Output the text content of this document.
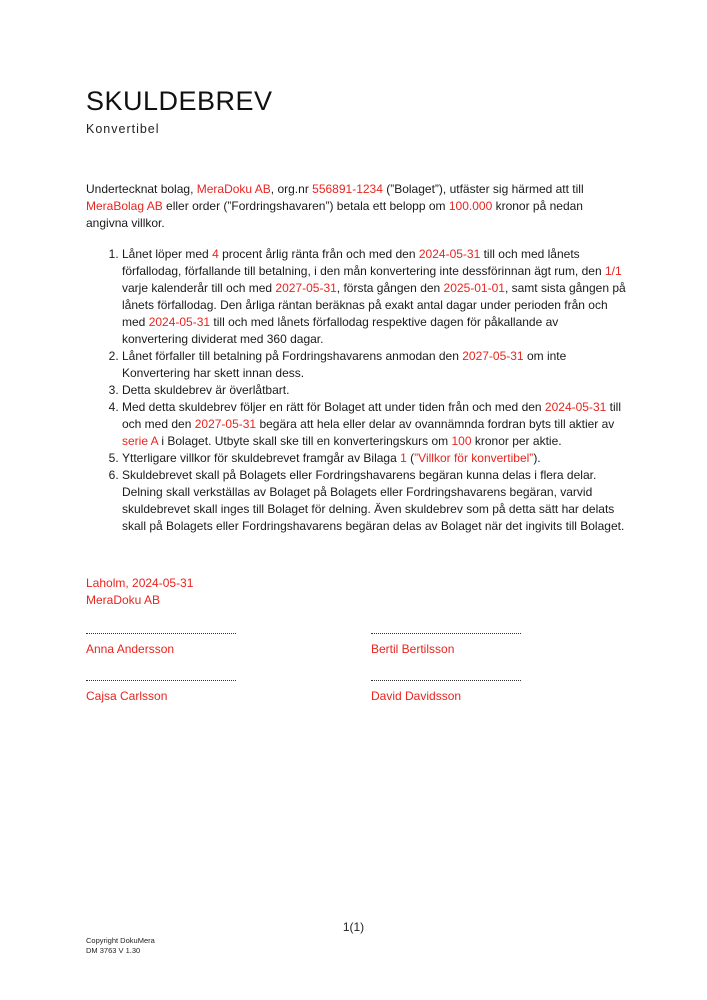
SKULDEBREV
Konvertibel

Undertecknat bolag, MeraDoku AB, org.nr 556891-1234 (”Bolaget”), utfäster sig härmed att till MeraBolag AB eller order (”Fordringshavaren”) betala ett belopp om 100.000 kronor på nedan angivna villkor.

1. Lånet löper med 4 procent årlig ränta från och med den 2024-05-31 till och med lånets förfallodag, förfallande till betalning, i den mån konvertering inte dessförinnan ägt rum, den 1/1 varje kalenderår till och med 2027-05-31, första gången den 2025-01-01, samt sista gången på lånets förfallodag. Den årliga räntan beräknas på exakt antal dagar under perioden från och med 2024-05-31 till och med lånets förfallodag respektive dagen för påkallande av konvertering dividerat med 360 dagar.
2. Lånet förfaller till betalning på Fordringshavarens anmodan den 2027-05-31 om inte Konvertering har skett innan dess.
3. Detta skuldebrev är överlåtbart.
4. Med detta skuldebrev följer en rätt för Bolaget att under tiden från och med den 2024-05-31 till och med den 2027-05-31 begära att hela eller delar av ovannämnda fordran byts till aktier av serie A i Bolaget. Utbyte skall ske till en konverteringskurs om 100 kronor per aktie.
5. Ytterligare villkor för skuldebrevet framgår av Bilaga 1 (”Villkor för konvertibel”).
6. Skuldebrevet skall på Bolagets eller Fordringshavarens begäran kunna delas i flera delar. Delning skall verkställas av Bolaget på Bolagets eller Fordringshavarens begäran, varvid skuldebrevet skall inges till Bolaget för delning. Även skuldebrev som på detta sätt har delats skall på Bolagets eller Fordringshavarens begäran delas av Bolaget när det ingivits till Bolaget.
Laholm, 2024-05-31
MeraDoku AB
Anna Andersson	Bertil Bertilsson
Cajsa Carlsson	David Davidsson
1(1)
Copyright DokuMera
DM 3763 V 1.30
